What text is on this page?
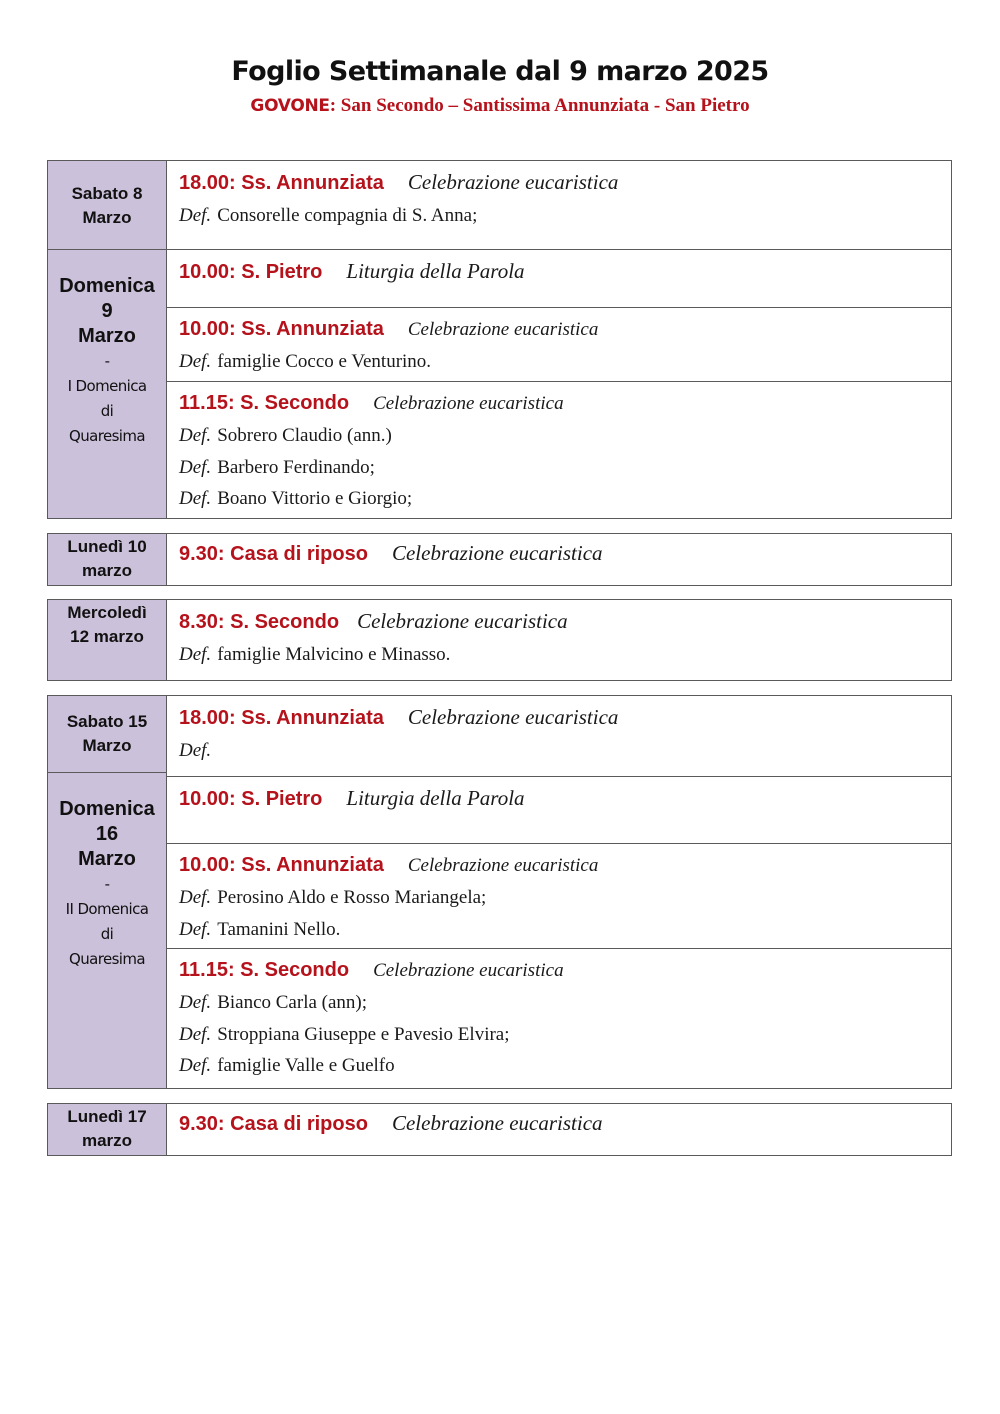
Foglio Settimanale dal 9 marzo 2025
GOVONE: San Secondo – Santissima Annunziata - San Pietro
Sabato 8
Marzo
18.00: Ss. Annunziata Celebrazione eucaristica
Def. Consorelle compagnia di S. Anna;
Domenica
9
Marzo
-
I Domenica
di
Quaresima
10.00: S. Pietro Liturgia della Parola
10.00: Ss. Annunziata Celebrazione eucaristica
Def. famiglie Cocco e Venturino.
11.15: S. Secondo Celebrazione eucaristica
Def. Sobrero Claudio (ann.)
Def. Barbero Ferdinando;
Def. Boano Vittorio e Giorgio;
Lunedì 10
marzo
9.30: Casa di riposo Celebrazione eucaristica
Mercoledì
12 marzo
8.30: S. Secondo Celebrazione eucaristica
Def. famiglie Malvicino e Minasso.
Sabato 15
Marzo
Domenica
16
Marzo
-
II Domenica
di
Quaresima
18.00: Ss. Annunziata Celebrazione eucaristica
Def.
10.00: S. Pietro Liturgia della Parola
10.00: Ss. Annunziata Celebrazione eucaristica
Def. Perosino Aldo e Rosso Mariangela;
Def. Tamanini Nello.
11.15: S. Secondo Celebrazione eucaristica
Def. Bianco Carla (ann);
Def. Stroppiana Giuseppe e Pavesio Elvira;
Def. famiglie Valle e Guelfo
Lunedì 17
marzo
9.30: Casa di riposo Celebrazione eucaristica
